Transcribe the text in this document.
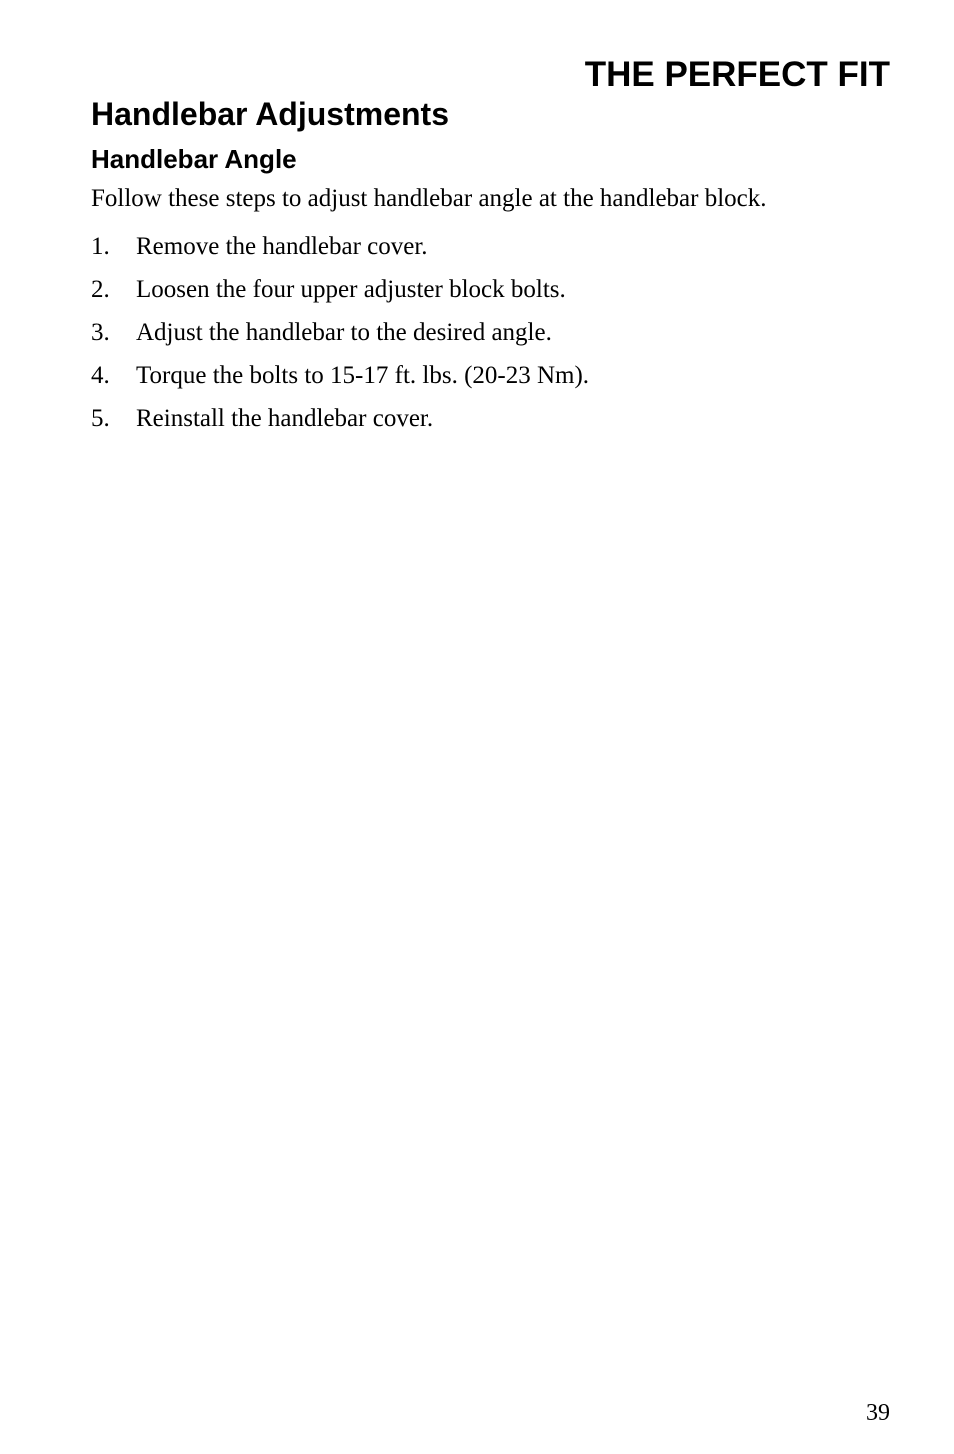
THE PERFECT FIT
Handlebar Adjustments
Handlebar Angle

Follow these steps to adjust handlebar angle at the handlebar block.

1. Remove the handlebar cover.
2. Loosen the four upper adjuster block bolts.
3. Adjust the handlebar to the desired angle.
4. Torque the bolts to 15-17 ft. lbs. (20-23 Nm).
5. Reinstall the handlebar cover.

39
